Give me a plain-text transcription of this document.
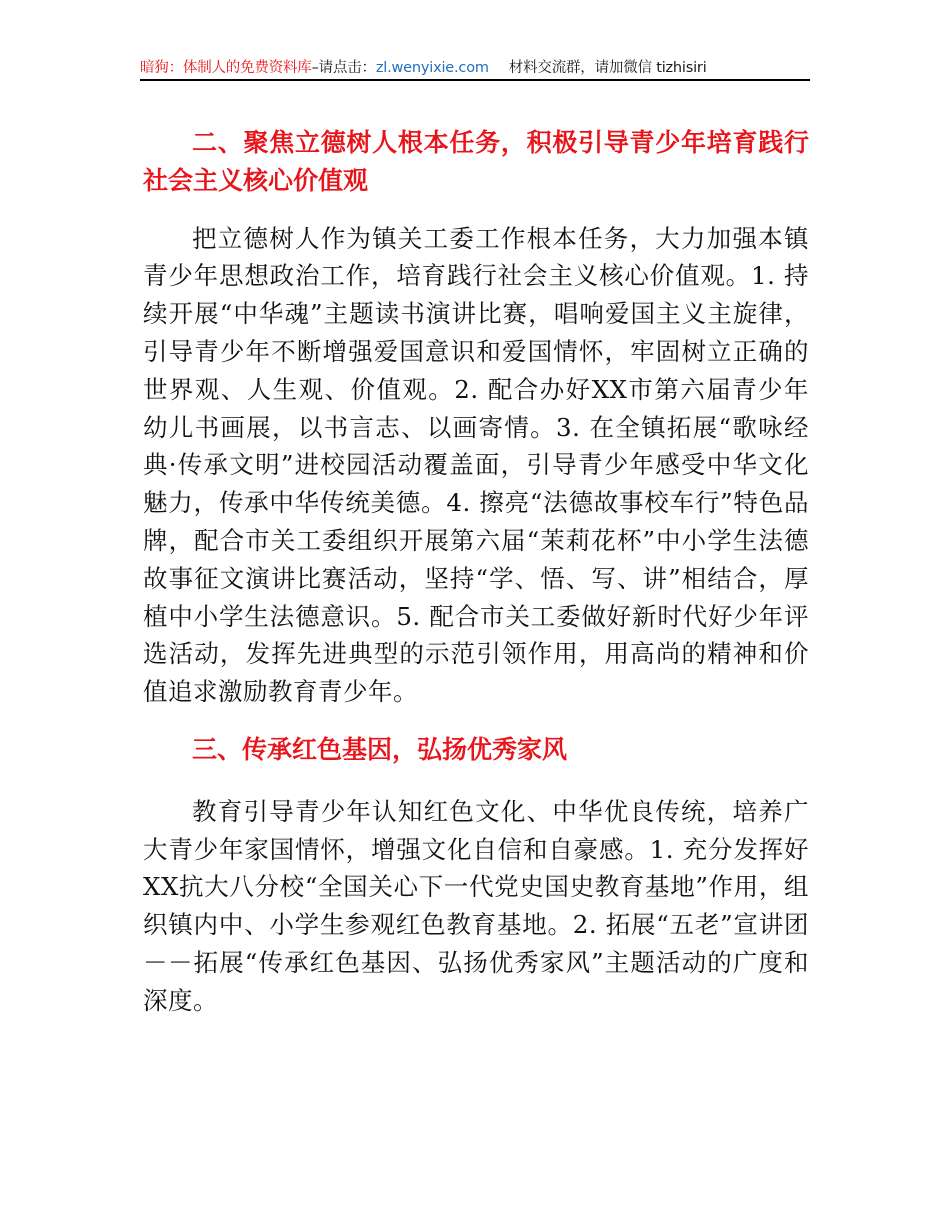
暗狗：体制人的免费资料库–请点击：zl.wenyixie.com 材料交流群，请加微信 tizhisiri
二、聚焦立德树人根本任务，积极引导青少年培育践行社会主义核心价值观

把立德树人作为镇关工委工作根本任务，大力加强本镇青少年思想政治工作，培育践行社会主义核心价值观。1. 持续开展“中华魂”主题读书演讲比赛，唱响爱国主义主旋律，引导青少年不断增强爱国意识和爱国情怀，牢固树立正确的世界观、人生观、价值观。2. 配合办好XX市第六届青少年幼儿书画展，以书言志、以画寄情。3. 在全镇拓展“歌咏经典·传承文明”进校园活动覆盖面，引导青少年感受中华文化魅力，传承中华传统美德。4. 擦亮“法德故事校车行”特色品牌，配合市关工委组织开展第六届“茉莉花杯”中小学生法德故事征文演讲比赛活动，坚持“学、悟、写、讲”相结合，厚植中小学生法德意识。5. 配合市关工委做好新时代好少年评选活动，发挥先进典型的示范引领作用，用高尚的精神和价值追求激励教育青少年。

三、传承红色基因，弘扬优秀家风

教育引导青少年认知红色文化、中华优良传统，培养广大青少年家国情怀，增强文化自信和自豪感。1. 充分发挥好XX抗大八分校“全国关心下一代党史国史教育基地”作用，组织镇内中、小学生参观红色教育基地。2. 拓展“五老”宣讲团－－拓展“传承红色基因、弘扬优秀家风”主题活动的广度和深度。
